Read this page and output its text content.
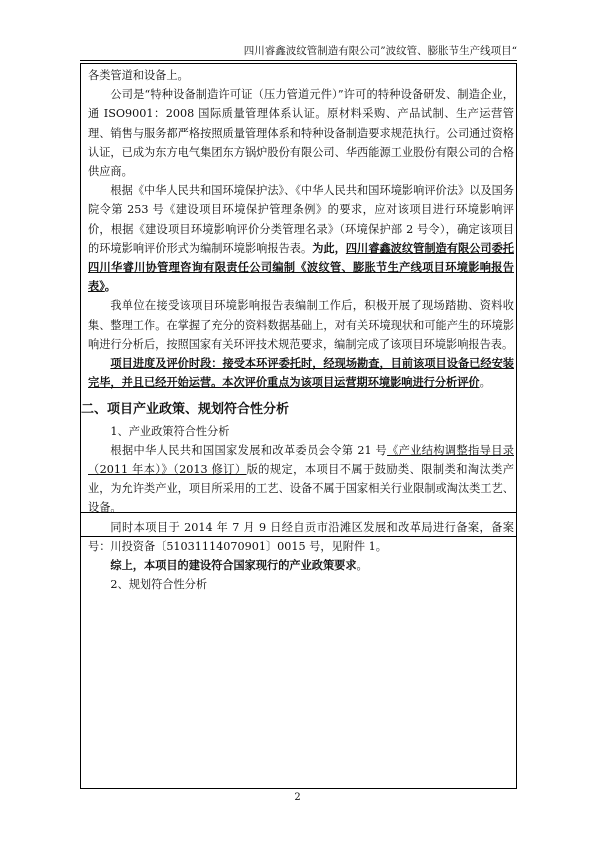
四川睿鑫波纹管制造有限公司”波纹管、膨胀节生产线项目“

各类管道和设备上。

公司是“特种设备制造许可证（压力管道元件）”许可的特种设备研发、制造企业，通 ISO9001：2008 国际质量管理体系认证。原材料采购、产品试制、生产运营管理、销售与服务都严格按照质量管理体系和特种设备制造要求规范执行。公司通过资格认证，已成为东方电气集团东方锅炉股份有限公司、华西能源工业股份有限公司的合格供应商。

根据《中华人民共和国环境保护法》、《中华人民共和国环境影响评价法》以及国务院令第 253 号《建设项目环境保护管理条例》的要求，应对该项目进行环境影响评价，根据《建设项目环境影响评价分类管理名录》（环境保护部 2 号令），确定该项目的环境影响评价形式为编制环境影响报告表。为此，四川睿鑫波纹管制造有限公司委托四川华睿川协管理咨询有限责任公司编制《波纹管、膨胀节生产线项目环境影响报告表》。

我单位在接受该项目环境影响报告表编制工作后，积极开展了现场踏勘、资料收集、整理工作。在掌握了充分的资料数据基础上，对有关环境现状和可能产生的环境影响进行分析后，按照国家有关环评技术规范要求，编制完成了该项目环境影响报告表。

项目进度及评价时段：接受本环评委托时，经现场勘查，目前该项目设备已经安装完毕，并且已经开始运营。本次评价重点为该项目运营期环境影响进行分析评价。

二、项目产业政策、规划符合性分析

1、产业政策符合性分析

根据中华人民共和国国家发展和改革委员会令第 21 号《产业结构调整指导目录（2011 年本）》（2013 修订）版的规定，本项目不属于鼓励类、限制类和淘汰类产业，为允许类产业，项目所采用的工艺、设备不属于国家相关行业限制或淘汰类工艺、设备。

同时本项目于 2014 年 7 月 9 日经自贡市沿滩区发展和改革局进行备案，备案号：川投资备〔51031114070901〕0015 号，见附件 1。

综上，本项目的建设符合国家现行的产业政策要求。

2、规划符合性分析

2
